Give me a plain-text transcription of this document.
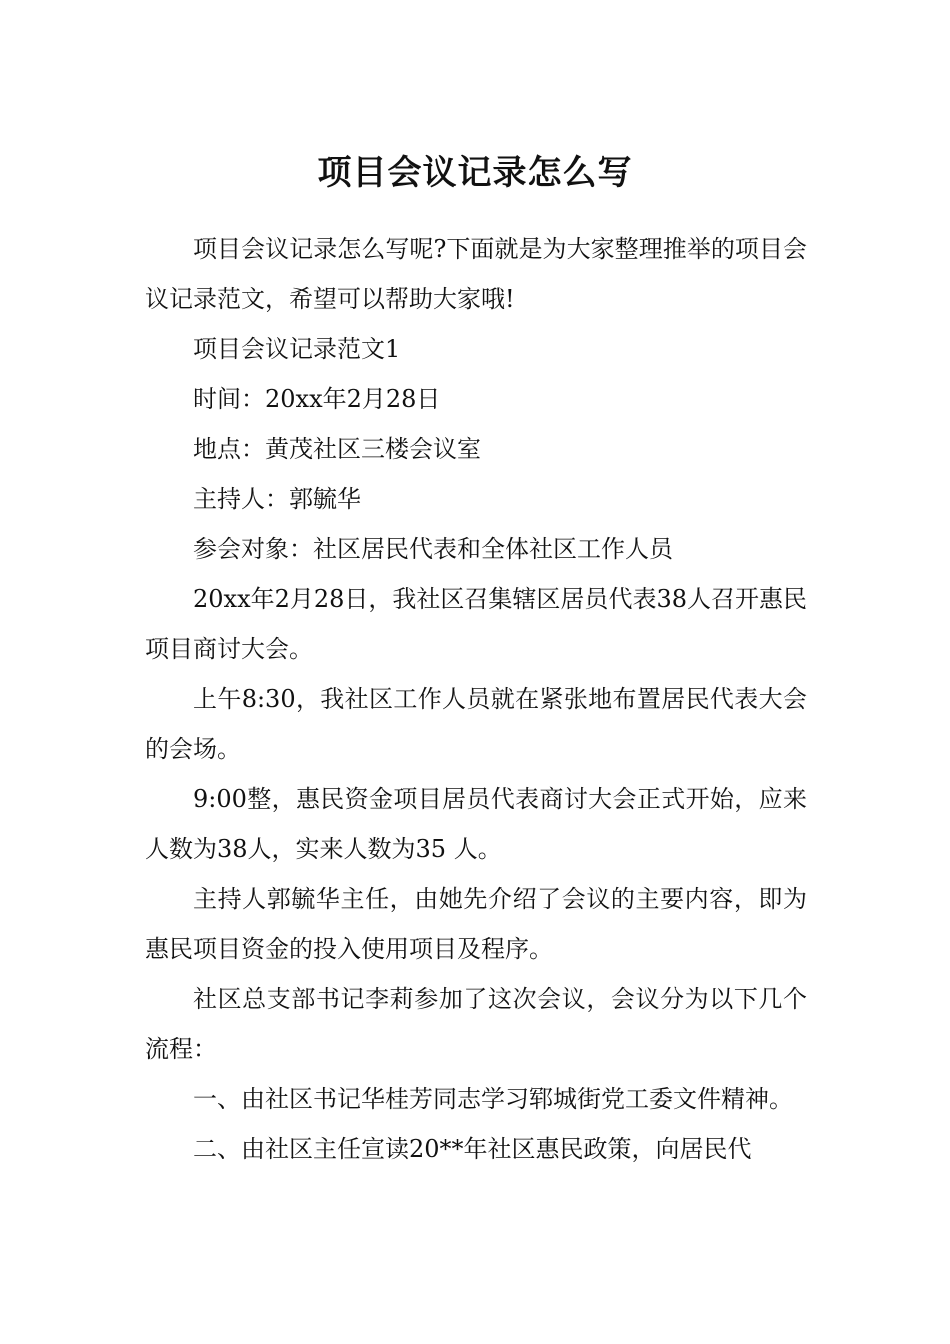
项目会议记录怎么写

项目会议记录怎么写呢?下面就是为大家整理推举的项目会议记录范文，希望可以帮助大家哦!

项目会议记录范文1

时间：20xx年2月28日

地点：黄茂社区三楼会议室

主持人：郭毓华

参会对象：社区居民代表和全体社区工作人员

20xx年2月28日，我社区召集辖区居员代表38人召开惠民项目商讨大会。

上午8:30，我社区工作人员就在紧张地布置居民代表大会的会场。

9:00整，惠民资金项目居员代表商讨大会正式开始，应来人数为38人，实来人数为35 人。

主持人郭毓华主任，由她先介绍了会议的主要内容，即为惠民项目资金的投入使用项目及程序。

社区总支部书记李莉参加了这次会议，会议分为以下几个流程：

一、由社区书记华桂芳同志学习郓城街党工委文件精神。

二、由社区主任宣读20**年社区惠民政策，向居民代
